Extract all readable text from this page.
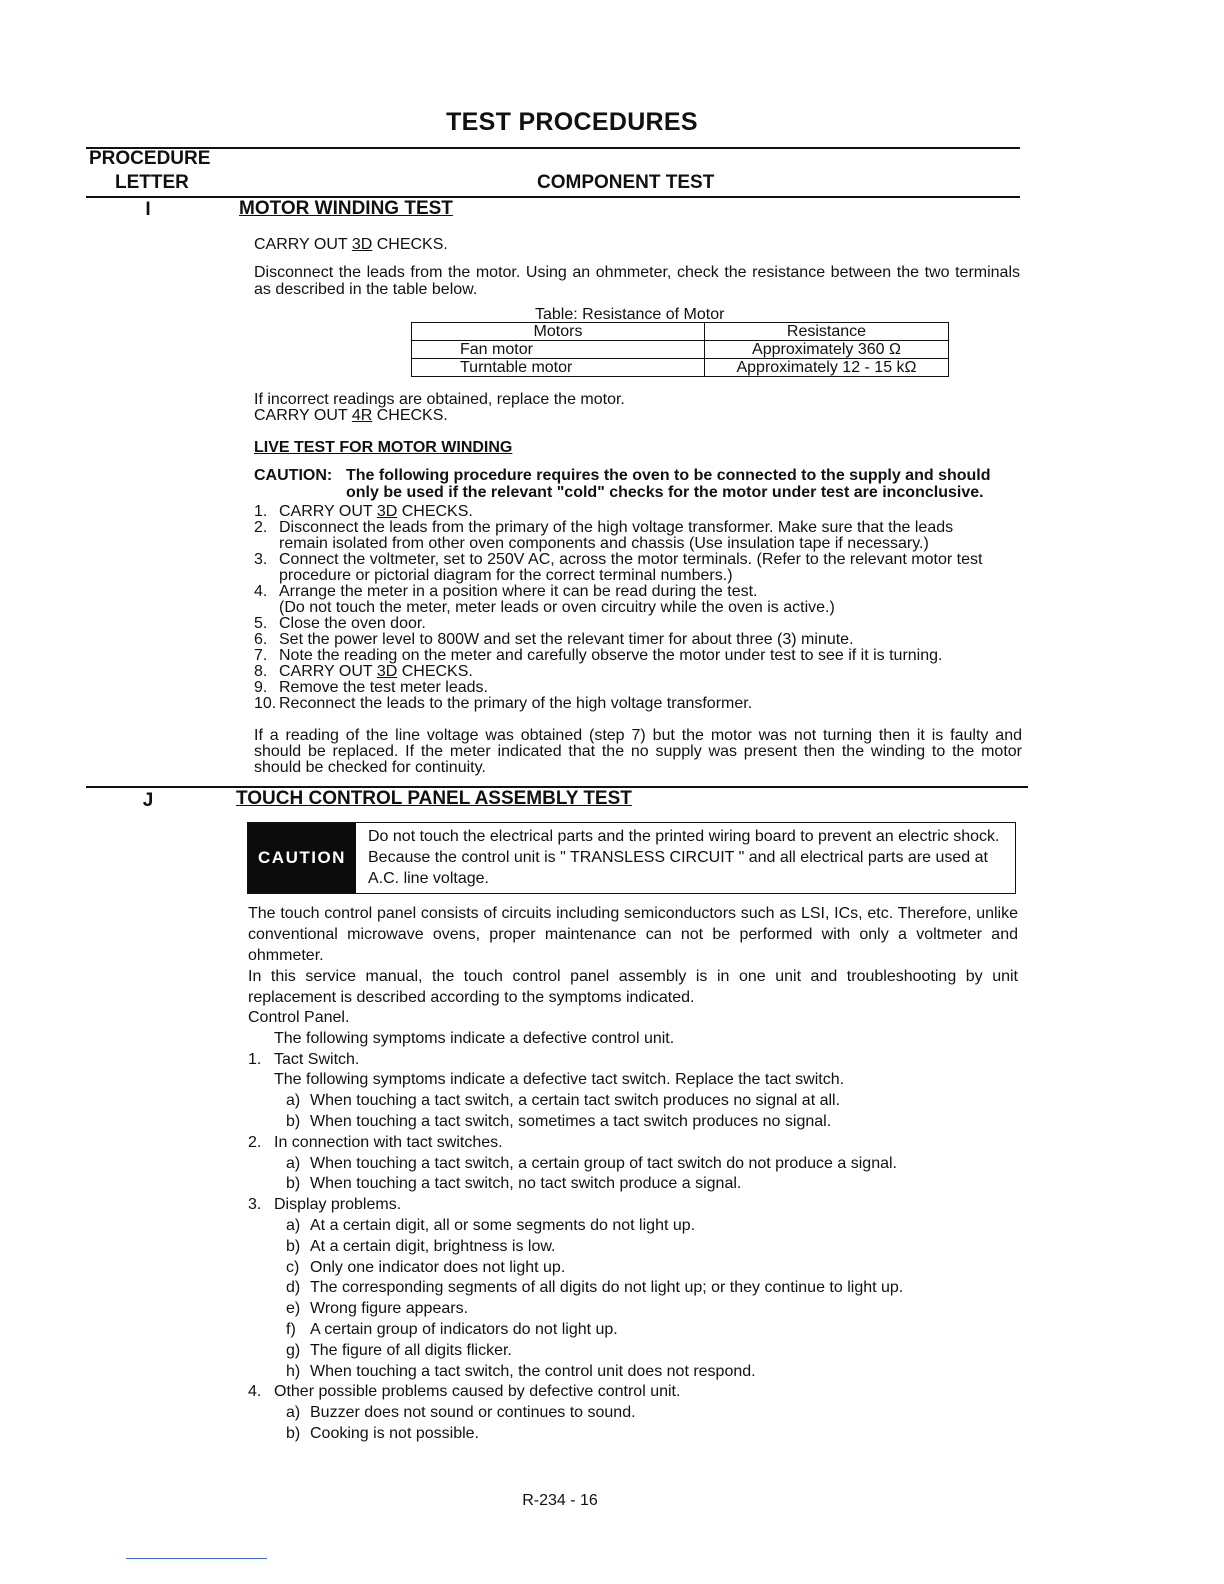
TEST PROCEDURES
PROCEDURE
LETTER	COMPONENT TEST
I	MOTOR WINDING TEST
CARRY OUT 3D CHECKS.
Disconnect the leads from the motor. Using an ohmmeter, check the resistance between the two terminals as described in the table below.
Table: Resistance of Motor
Motors	Resistance
Fan motor	Approximately 360 Ω
Turntable motor	Approximately 12 - 15 kΩ
If incorrect readings are obtained, replace the motor.
CARRY OUT 4R CHECKS.
LIVE TEST FOR MOTOR WINDING
CAUTION: The following procedure requires the oven to be connected to the supply and should
only be used if the relevant "cold" checks for the motor under test are inconclusive.
1. CARRY OUT 3D CHECKS.
2. Disconnect the leads from the primary of the high voltage transformer. Make sure that the leads
remain isolated from other oven components and chassis (Use insulation tape if necessary.)
3. Connect the voltmeter, set to 250V AC, across the motor terminals. (Refer to the relevant motor test
procedure or pictorial diagram for the correct terminal numbers.)
4. Arrange the meter in a position where it can be read during the test.
(Do not touch the meter, meter leads or oven circuitry while the oven is active.)
5. Close the oven door.
6. Set the power level to 800W and set the relevant timer for about three (3) minute.
7. Note the reading on the meter and carefully observe the motor under test to see if it is turning.
8. CARRY OUT 3D CHECKS.
9. Remove the test meter leads.
10. Reconnect the leads to the primary of the high voltage transformer.
If a reading of the line voltage was obtained (step 7) but the motor was not turning then it is faulty and should be replaced. If the meter indicated that the no supply was present then the winding to the motor should be checked for continuity.
J	TOUCH CONTROL PANEL ASSEMBLY TEST
CAUTION
Do not touch the electrical parts and the printed wiring board to prevent an electric shock. Because the control unit is " TRANSLESS CIRCUIT " and all electrical parts are used at A.C. line voltage.
The touch control panel consists of circuits including semiconductors such as LSI, ICs, etc. Therefore, unlike conventional microwave ovens, proper maintenance can not be performed with only a voltmeter and ohmmeter.
In this service manual, the touch control panel assembly is in one unit and troubleshooting by unit replacement is described according to the symptoms indicated.
Control Panel.
The following symptoms indicate a defective control unit.
1. Tact Switch.
The following symptoms indicate a defective tact switch. Replace the tact switch.
a) When touching a tact switch, a certain tact switch produces no signal at all.
b) When touching a tact switch, sometimes a tact switch produces no signal.
2. In connection with tact switches.
a) When touching a tact switch, a certain group of tact switch do not produce a signal.
b) When touching a tact switch, no tact switch produce a signal.
3. Display problems.
a) At a certain digit, all or some segments do not light up.
b) At a certain digit, brightness is low.
c) Only one indicator does not light up.
d) The corresponding segments of all digits do not light up; or they continue to light up.
e) Wrong figure appears.
f) A certain group of indicators do not light up.
g) The figure of all digits flicker.
h) When touching a tact switch, the control unit does not respond.
4. Other possible problems caused by defective control unit.
a) Buzzer does not sound or continues to sound.
b) Cooking is not possible.
R-234 - 16
